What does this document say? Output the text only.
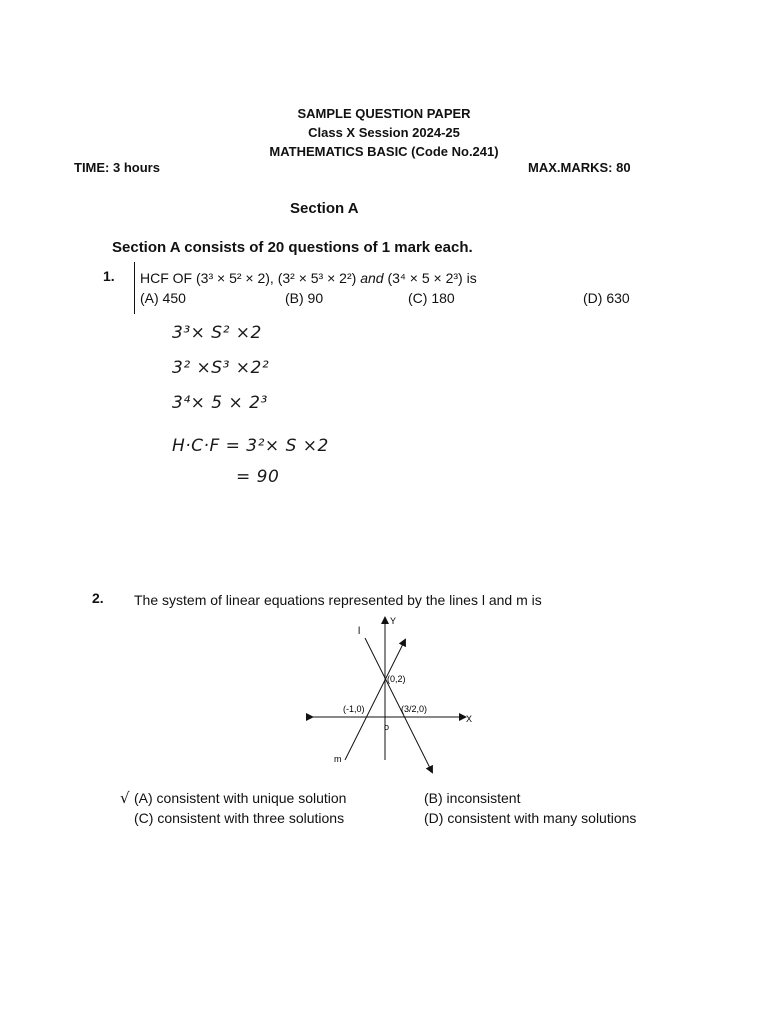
SAMPLE QUESTION PAPER
Class X Session 2024-25
MATHEMATICS BASIC (Code No.241)
TIME: 3 hours	MAX.MARKS: 80
Section A
Section A consists of 20 questions of 1 mark each.
1. HCF OF (3³ × 5² × 2), (3² × 5³ × 2²) and (3⁴ × 5 × 2³) is
(A) 450	(B) 90	(C) 180	(D) 630
3³× S² ×2
3² ×S³ ×2²
3⁴× 5 × 2³
H·C·F = 3²× S ×2
= 90
2. The system of linear equations represented by the lines l and m is
l
Y
X
m
o
(0,2)
(-1,0)	(3/2,0)
√ (A) consistent with unique solution	(B) inconsistent
(C) consistent with three solutions	(D) consistent with many solutions
